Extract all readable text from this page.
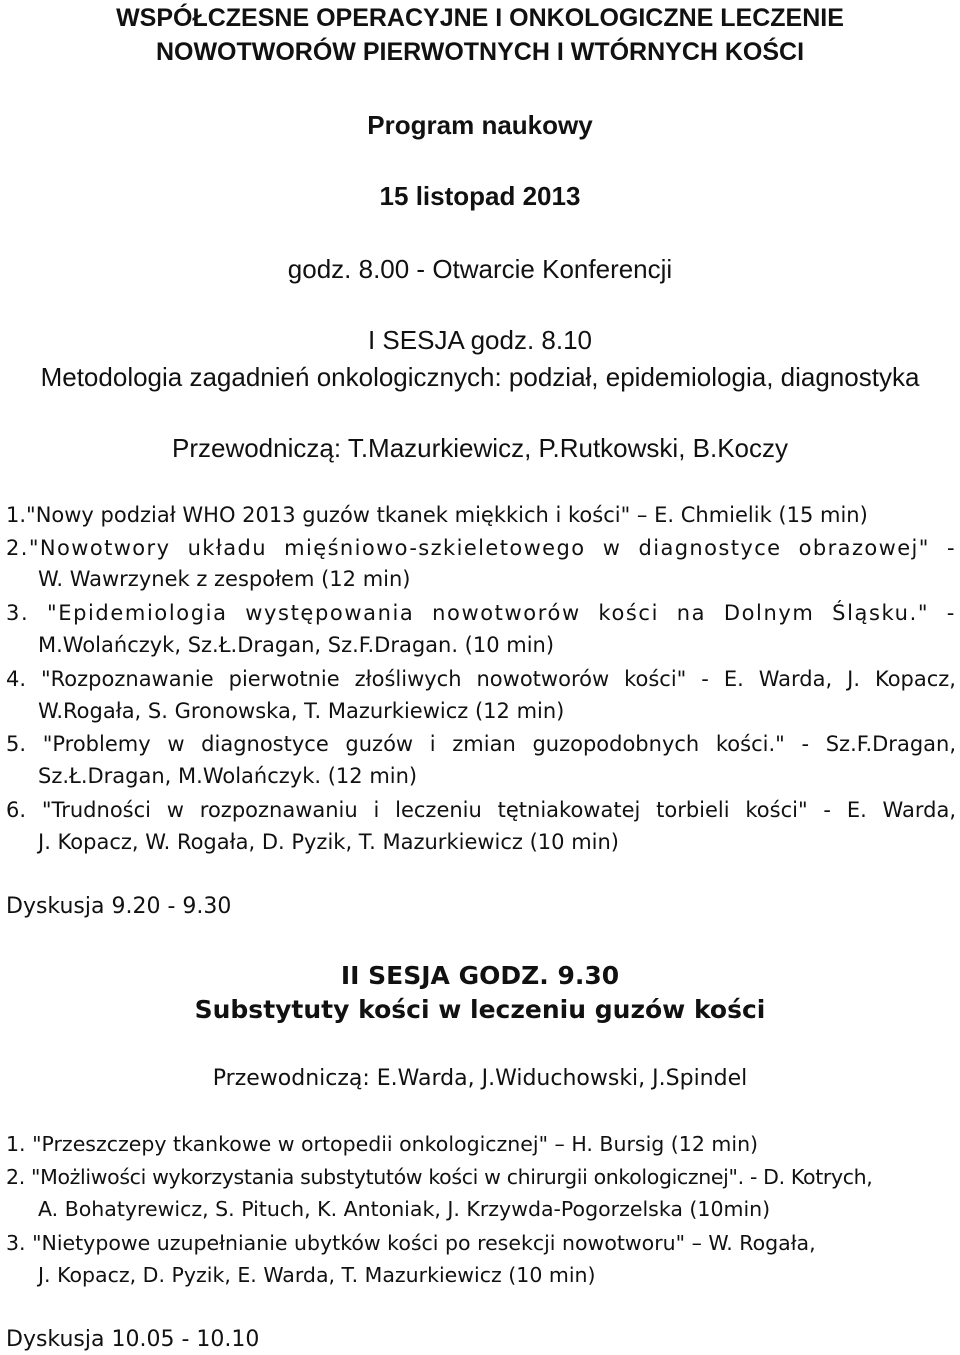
WSPÓŁCZESNE OPERACYJNE I ONKOLOGICZNE LECZENIE
NOWOTWORÓW PIERWOTNYCH I WTÓRNYCH KOŚCI
Program naukowy
15 listopad 2013
godz. 8.00 - Otwarcie Konferencji
I SESJA godz. 8.10
Metodologia zagadnień onkologicznych: podział, epidemiologia, diagnostyka
Przewodniczą: T.Mazurkiewicz, P.Rutkowski, B.Koczy
1."Nowy podział WHO 2013 guzów tkanek miękkich i kości" – E. Chmielik (15 min)
2."Nowotwory układu mięśniowo-szkieletowego w diagnostyce obrazowej" -
W. Wawrzynek z zespołem (12 min)
3. "Epidemiologia występowania nowotworów kości na Dolnym Śląsku." -
M.Wolańczyk, Sz.Ł.Dragan, Sz.F.Dragan. (10 min)
4. "Rozpoznawanie pierwotnie złośliwych nowotworów kości" - E. Warda, J. Kopacz,
W.Rogała, S. Gronowska, T. Mazurkiewicz (12 min)
5. "Problemy w diagnostyce guzów i zmian guzopodobnych kości." - Sz.F.Dragan,
Sz.Ł.Dragan, M.Wolańczyk. (12 min)
6. "Trudności w rozpoznawaniu i leczeniu tętniakowatej torbieli kości" - E. Warda,
J. Kopacz, W. Rogała, D. Pyzik, T. Mazurkiewicz (10 min)
Dyskusja 9.20 - 9.30
II SESJA GODZ. 9.30
Substytuty kości w leczeniu guzów kości
Przewodniczą: E.Warda, J.Widuchowski, J.Spindel
1. "Przeszczepy tkankowe w ortopedii onkologicznej" – H. Bursig (12 min)
2. "Możliwości wykorzystania substytutów kości w chirurgii onkologicznej". - D. Kotrych,
A. Bohatyrewicz, S. Pituch, K. Antoniak, J. Krzywda-Pogorzelska (10min)
3. "Nietypowe uzupełnianie ubytków kości po resekcji nowotworu" – W. Rogała,
J. Kopacz, D. Pyzik, E. Warda, T. Mazurkiewicz (10 min)
Dyskusja 10.05 - 10.10
